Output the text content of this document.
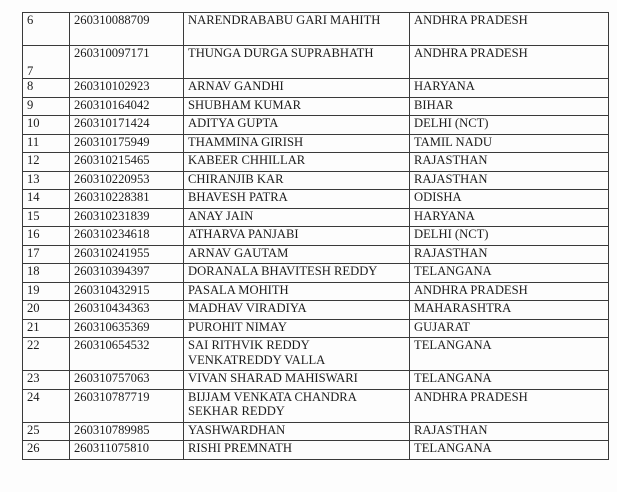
6	260310088709	NARENDRABABU GARI MAHITH	ANDHRA PRADESH
7	260310097171	THUNGA DURGA SUPRABHATH	ANDHRA PRADESH
8	260310102923	ARNAV GANDHI	HARYANA
9	260310164042	SHUBHAM KUMAR	BIHAR
10	260310171424	ADITYA GUPTA	DELHI (NCT)
11	260310175949	THAMMINA GIRISH	TAMIL NADU
12	260310215465	KABEER CHHILLAR	RAJASTHAN
13	260310220953	CHIRANJIB KAR	RAJASTHAN
14	260310228381	BHAVESH PATRA	ODISHA
15	260310231839	ANAY JAIN	HARYANA
16	260310234618	ATHARVA PANJABI	DELHI (NCT)
17	260310241955	ARNAV GAUTAM	RAJASTHAN
18	260310394397	DORANALA BHAVITESH REDDY	TELANGANA
19	260310432915	PASALA MOHITH	ANDHRA PRADESH
20	260310434363	MADHAV VIRADIYA	MAHARASHTRA
21	260310635369	PUROHIT NIMAY	GUJARAT
22	260310654532	SAI RITHVIK REDDY VENKATREDDY VALLA	TELANGANA
23	260310757063	VIVAN SHARAD MAHISWARI	TELANGANA
24	260310787719	BIJJAM VENKATA CHANDRA SEKHAR REDDY	ANDHRA PRADESH
25	260310789985	YASHWARDHAN	RAJASTHAN
26	260311075810	RISHI PREMNATH	TELANGANA
